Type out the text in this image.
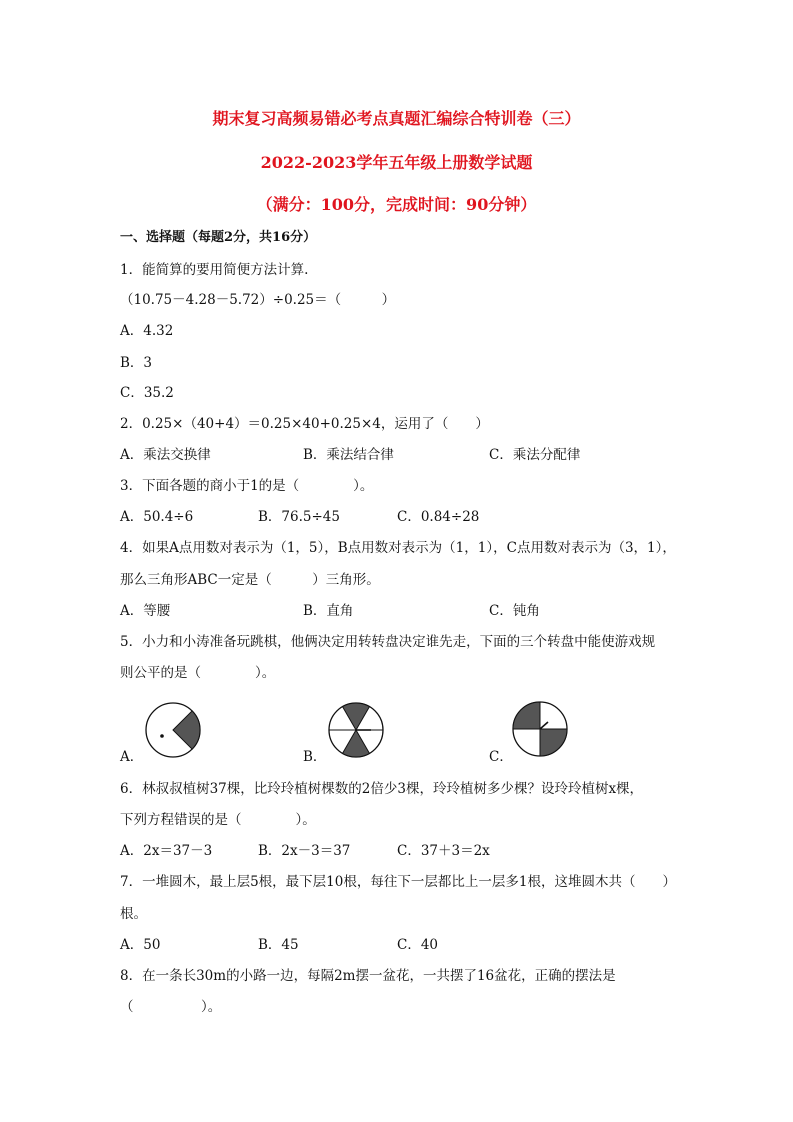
期末复习高频易错必考点真题汇编综合特训卷（三）
2022-2023学年五年级上册数学试题
（满分：100分，完成时间：90分钟）
一、选择题（每题2分，共16分）
1．能简算的要用简便方法计算.
（10.75－4.28－5.72）÷0.25＝（　　　）
A．4.32
B．3
C．35.2
2．0.25×（40+4）＝0.25×40+0.25×4，运用了（　　）
A．乘法交换律	B．乘法结合律	C．乘法分配律
3．下面各题的商小于1的是（　　　　）。
A．50.4÷6	B．76.5÷45	C．0.84÷28
4．如果A点用数对表示为（1，5），B点用数对表示为（1，1），C点用数对表示为（3，1），
那么三角形ABC一定是（　　　）三角形。
A．等腰	B．直角	C．钝角
5．小力和小涛准备玩跳棋，他俩决定用转转盘决定谁先走，下面的三个转盘中能使游戏规
则公平的是（　　　　）。
A．	B．	C．
6．林叔叔植树37棵，比玲玲植树棵数的2倍少3棵，玲玲植树多少棵？设玲玲植树x棵，
下列方程错误的是（　　　　）。
A．2x＝37－3	B．2x－3＝37	C．37＋3＝2x
7．一堆圆木，最上层5根，最下层10根，每往下一层都比上一层多1根，这堆圆木共（　　）
根。
A．50	B．45	C．40
8．在一条长30m的小路一边，每隔2m摆一盆花，一共摆了16盆花，正确的摆法是
（　　　　　）。
